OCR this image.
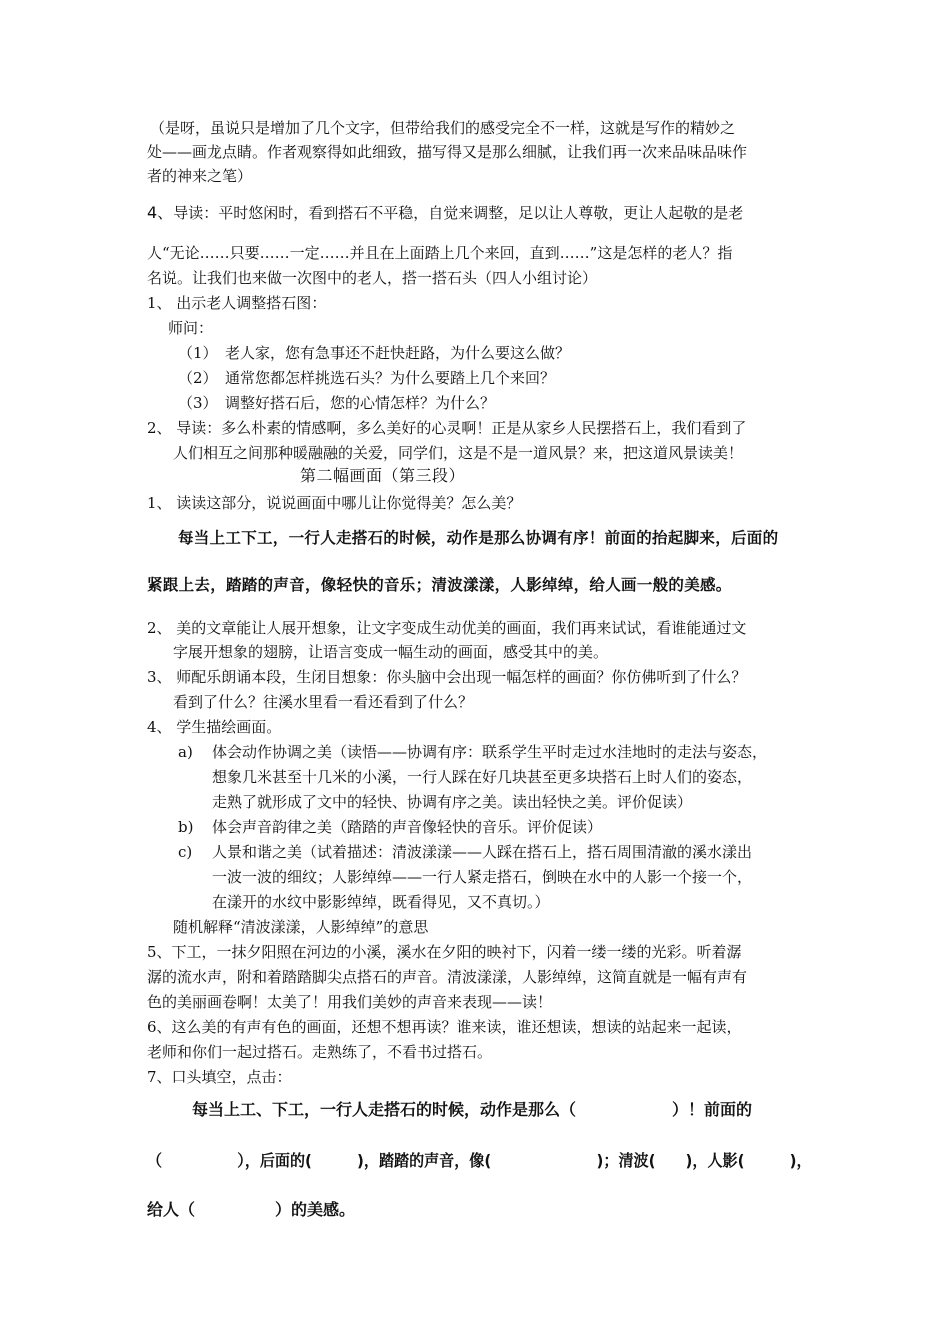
（是呀，虽说只是增加了几个文字，但带给我们的感受完全不一样，这就是写作的精妙之
处——画龙点睛。作者观察得如此细致，描写得又是那么细腻，让我们再一次来品味品味作
者的神来之笔）
4、导读：平时悠闲时，看到搭石不平稳，自觉来调整，足以让人尊敬，更让人起敬的是老
人“无论……只要……一定……并且在上面踏上几个来回，直到……”这是怎样的老人？指
名说。让我们也来做一次图中的老人，搭一搭石头（四人小组讨论）
1、 出示老人调整搭石图：
师问：
（1）　老人家，您有急事还不赶快赶路，为什么要这么做？
（2）　通常您都怎样挑选石头？为什么要踏上几个来回？
（3）　调整好搭石后，您的心情怎样？为什么？
2、 导读：多么朴素的情感啊，多么美好的心灵啊！正是从家乡人民摆搭石上，我们看到了
人们相互之间那种暖融融的关爱，同学们，这是不是一道风景？来，把这道风景读美！
第二幅画面（第三段）
1、 读读这部分，说说画面中哪儿让你觉得美？怎么美？
每当上工下工，一行人走搭石的时候，动作是那么协调有序！前面的抬起脚来，后面的
紧跟上去，踏踏的声音，像轻快的音乐；清波漾漾，人影绰绰，给人画一般的美感。
2、 美的文章能让人展开想象，让文字变成生动优美的画面，我们再来试试，看谁能通过文
字展开想象的翅膀，让语言变成一幅生动的画面，感受其中的美。
3、 师配乐朗诵本段，生闭目想象：你头脑中会出现一幅怎样的画面？你仿佛听到了什么？
看到了什么？往溪水里看一看还看到了什么？
4、 学生描绘画面。
a) 体会动作协调之美（读悟——协调有序：联系学生平时走过水洼地时的走法与姿态，
想象几米甚至十几米的小溪，一行人踩在好几块甚至更多块搭石上时人们的姿态，
走熟了就形成了文中的轻快、协调有序之美。读出轻快之美。评价促读）
b) 体会声音韵律之美（踏踏的声音像轻快的音乐。评价促读）
c) 人景和谐之美（试着描述：清波漾漾——人踩在搭石上，搭石周围清澈的溪水漾出
一波一波的细纹；人影绰绰——一行人紧走搭石，倒映在水中的人影一个接一个，
在漾开的水纹中影影绰绰，既看得见，又不真切。）
随机解释“清波漾漾，人影绰绰”的意思
5、下工，一抹夕阳照在河边的小溪，溪水在夕阳的映衬下，闪着一缕一缕的光彩。听着潺
潺的流水声，附和着踏踏脚尖点搭石的声音。清波漾漾，人影绰绰，这简直就是一幅有声有
色的美丽画卷啊！太美了！用我们美妙的声音来表现——读！
6、这么美的有声有色的画面，还想不想再读？谁来读，谁还想读，想读的站起来一起读，
老师和你们一起过搭石。走熟练了，不看书过搭石。
7、口头填空，点击：
每当上工、下工，一行人走搭石的时候，动作是那么（　　　　　　）！前面的
（　　　　　），后面的(　　　)，踏踏的声音，像(　　　　　　　)；清波(　　)，人影(　　　)，
给人（　　　　　）的美感。
